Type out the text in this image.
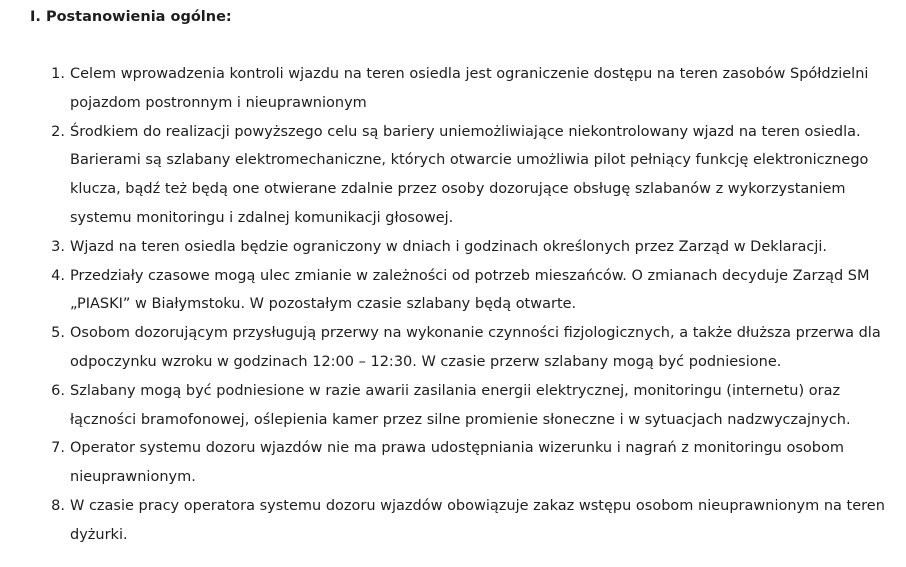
I. Postanowienia ogólne:
1. Celem wprowadzenia kontroli wjazdu na teren osiedla jest ograniczenie dostępu na teren zasobów Spółdzielni
pojazdom postronnym i nieuprawnionym
2. Środkiem do realizacji powyższego celu są bariery uniemożliwiające niekontrolowany wjazd na teren osiedla.
Barierami są szlabany elektromechaniczne, których otwarcie umożliwia pilot pełniący funkcję elektronicznego
klucza, bądź też będą one otwierane zdalnie przez osoby dozorujące obsługę szlabanów z wykorzystaniem
systemu monitoringu i zdalnej komunikacji głosowej.
3. Wjazd na teren osiedla będzie ograniczony w dniach i godzinach określonych przez Zarząd w Deklaracji.
4. Przedziały czasowe mogą ulec zmianie w zależności od potrzeb mieszańców. O zmianach decyduje Zarząd SM
„PIASKI” w Białymstoku. W pozostałym czasie szlabany będą otwarte.
5. Osobom dozorującym przysługują przerwy na wykonanie czynności fizjologicznych, a także dłuższa przerwa dla
odpoczynku wzroku w godzinach 12:00 – 12:30. W czasie przerw szlabany mogą być podniesione.
6. Szlabany mogą być podniesione w razie awarii zasilania energii elektrycznej, monitoringu (internetu) oraz
łączności bramofonowej, oślepienia kamer przez silne promienie słoneczne i w sytuacjach nadzwyczajnych.
7. Operator systemu dozoru wjazdów nie ma prawa udostępniania wizerunku i nagrań z monitoringu osobom
nieuprawnionym.
8. W czasie pracy operatora systemu dozoru wjazdów obowiązuje zakaz wstępu osobom nieuprawnionym na teren
dyżurki.
